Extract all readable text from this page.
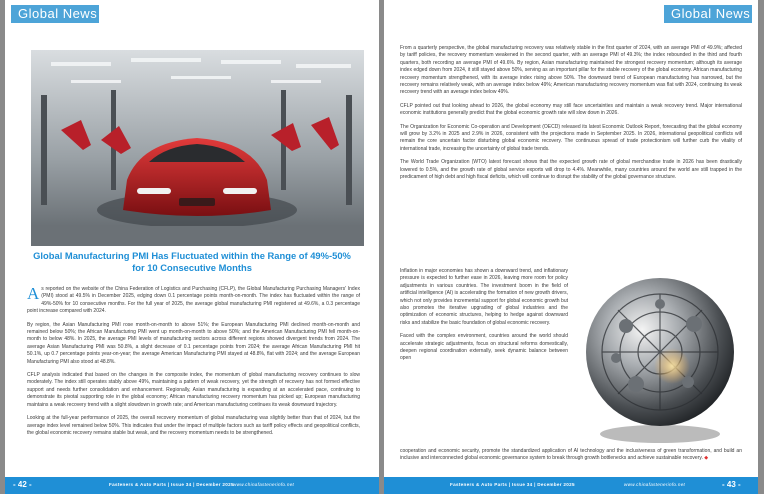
Global News
Global Manufacturing PMI Has Fluctuated within the Range of 49%-50% for 10 Consecutive Months

As reported on the website of the China Federation of Logistics and Purchasing (CFLP), the Global Manufacturing Purchasing Managers' Index (PMI) stood at 49.5% in December 2025, edging down 0.1 percentage points month-on-month. The index has fluctuated within the range of 49%-50% for 10 consecutive months. For the full year of 2025, the average global manufacturing PMI registered at 49.6%, a 0.3 percentage point increase compared with 2024.

By region, the Asian Manufacturing PMI rose month-on-month to above 51%; the European Manufacturing PMI declined month-on-month and remained below 50%; the African Manufacturing PMI went up month-on-month to above 50%; and the American Manufacturing PMI fell month-on-month to below 48%. In 2025, the average PMI levels of manufacturing sectors across different regions showed divergent trends from 2024. The average Asian Manufacturing PMI was 50.8%, a slight decrease of 0.1 percentage points from 2024; the average African Manufacturing PMI hit 50.1%, up 0.7 percentage points year-on-year; the average American Manufacturing PMI stayed at 48.8%, flat with 2024; and the average European Manufacturing PMI also stood at 48.8%.

CFLP analysis indicated that based on the changes in the composite index, the momentum of global manufacturing recovery continues to slow moderately. The index still operates stably above 49%, maintaining a pattern of weak recovery, yet the strength of recovery has not formed effective support and needs further consolidation and enhancement. Regionally, Asian manufacturing is expanding at an accelerated pace, continuing to demonstrate its pivotal supporting role in the global economy; African manufacturing recovery momentum has picked up; European manufacturing maintains a weak recovery trend with a slight slowdown in growth rate; and American manufacturing continues its weak downward trajectory.

Looking at the full-year performance of 2025, the overall recovery momentum of global manufacturing was slightly better than that of 2024, but the average index level remained below 50%. This indicates that under the impact of multiple factors such as tariff policy effects and geopolitical conflicts, the global economic recovery remains stable but weak, and the recovery momentum needs to be strengthened.

- 42 -	Fasteners & Auto Parts | Issue 34 | December 2025 www.chinafastenerinfo.net
Global News

From a quarterly perspective, the global manufacturing recovery was relatively stable in the first quarter of 2024, with an average PMI of 49.9%; affected by tariff policies, the recovery momentum weakened in the second quarter, with an average PMI of 49.3%; the index rebounded in the third and fourth quarters, both recording an average PMI of 49.6%. By region, Asian manufacturing maintained the strongest recovery momentum; although its average index edged down from 2024, it still stayed above 50%, serving as an important pillar for the stable recovery of the global economy. African manufacturing recovery momentum strengthened, with its average index rising above 50%. The downward trend of European manufacturing has narrowed, but the recovery remains relatively weak, with an average index below 49%; American manufacturing recovery momentum was flat with 2024, continuing its weak recovery trend with an average index below 49%.

CFLP pointed out that looking ahead to 2026, the global economy may still face uncertainties and maintain a weak recovery trend. Major international economic institutions generally predict that the global economic growth rate will slow down in 2026.

The Organization for Economic Co-operation and Development (OECD) released its latest Economic Outlook Report, forecasting that the global economy will grow by 3.2% in 2025 and 2.9% in 2026, consistent with the projections made in September 2025. In 2026, international geopolitical conflicts will remain the core uncertain factor disturbing global economic recovery. The continuous spread of trade protectionism will further curb the vitality of international trade, increasing the uncertainty of global trade trends.

The World Trade Organization (WTO) latest forecast shows that the expected growth rate of global merchandise trade in 2026 has been drastically lowered to 0.5%, and the growth rate of global service exports will drop to 4.4%. Meanwhile, many countries around the world are still trapped in the predicament of high debt and high fiscal deficits, which will continue to disrupt the stability of the global governance structure.

Inflation in major economies has shown a downward trend, and inflationary pressure is expected to further ease in 2026, leaving more room for policy adjustments in various countries. The investment boom in the field of artificial intelligence (AI) is accelerating the formation of new growth drivers, which not only provides incremental support for global economic growth but also promotes the iterative upgrading of global industries and the optimization of economic structures, helping to hedge against downward risks and stabilize the basic foundation of global economic recovery.

Faced with the complex environment, countries around the world should accelerate strategic adjustments, focus on structural reforms domestically, deepen regional coordination externally, seek dynamic balance between open

cooperation and economic security, promote the standardized application of AI technology and the inclusiveness of green transformation, and build an inclusive and interconnected global economic governance system to break through growth bottlenecks and achieve sustainable recovery. ◆

Fasteners & Auto Parts | Issue 34 | December 2025	www.chinafastenerinfo.net	- 43 -
